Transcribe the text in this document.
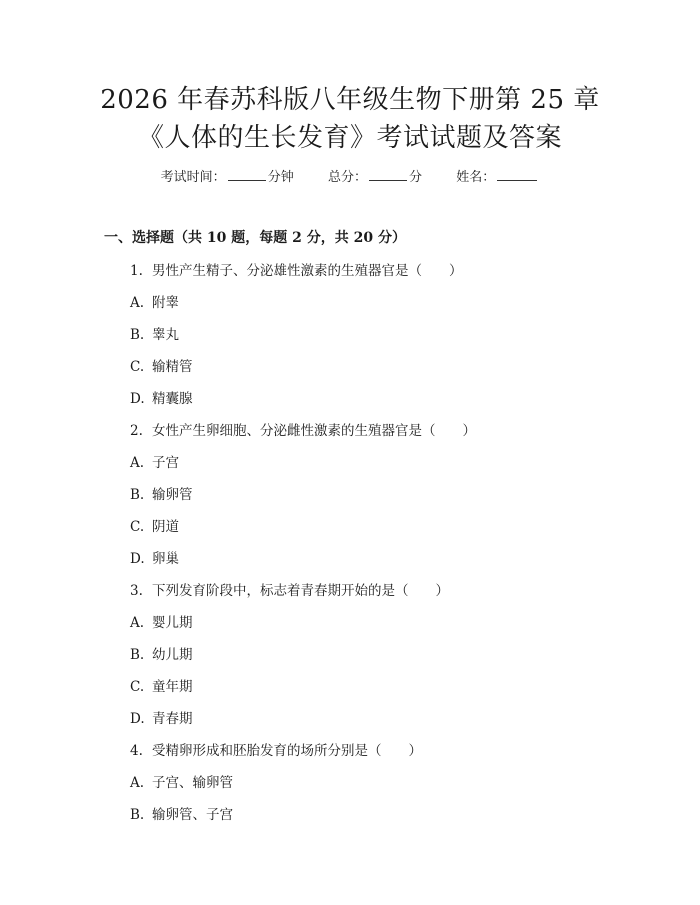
2026 年春苏科版八年级生物下册第 25 章
《人体的生长发育》考试试题及答案
考试时间：	分钟	总分：	分	姓名：
一、选择题（共 10 题，每题 2 分，共 20 分）
1. 男性产生精子、分泌雄性激素的生殖器官是（　　）
A. 附睾
B. 睾丸
C. 输精管
D. 精囊腺
2. 女性产生卵细胞、分泌雌性激素的生殖器官是（　　）
A. 子宫
B. 输卵管
C. 阴道
D. 卵巢
3. 下列发育阶段中，标志着青春期开始的是（　　）
A. 婴儿期
B. 幼儿期
C. 童年期
D. 青春期
4. 受精卵形成和胚胎发育的场所分别是（　　）
A. 子宫、输卵管
B. 输卵管、子宫
